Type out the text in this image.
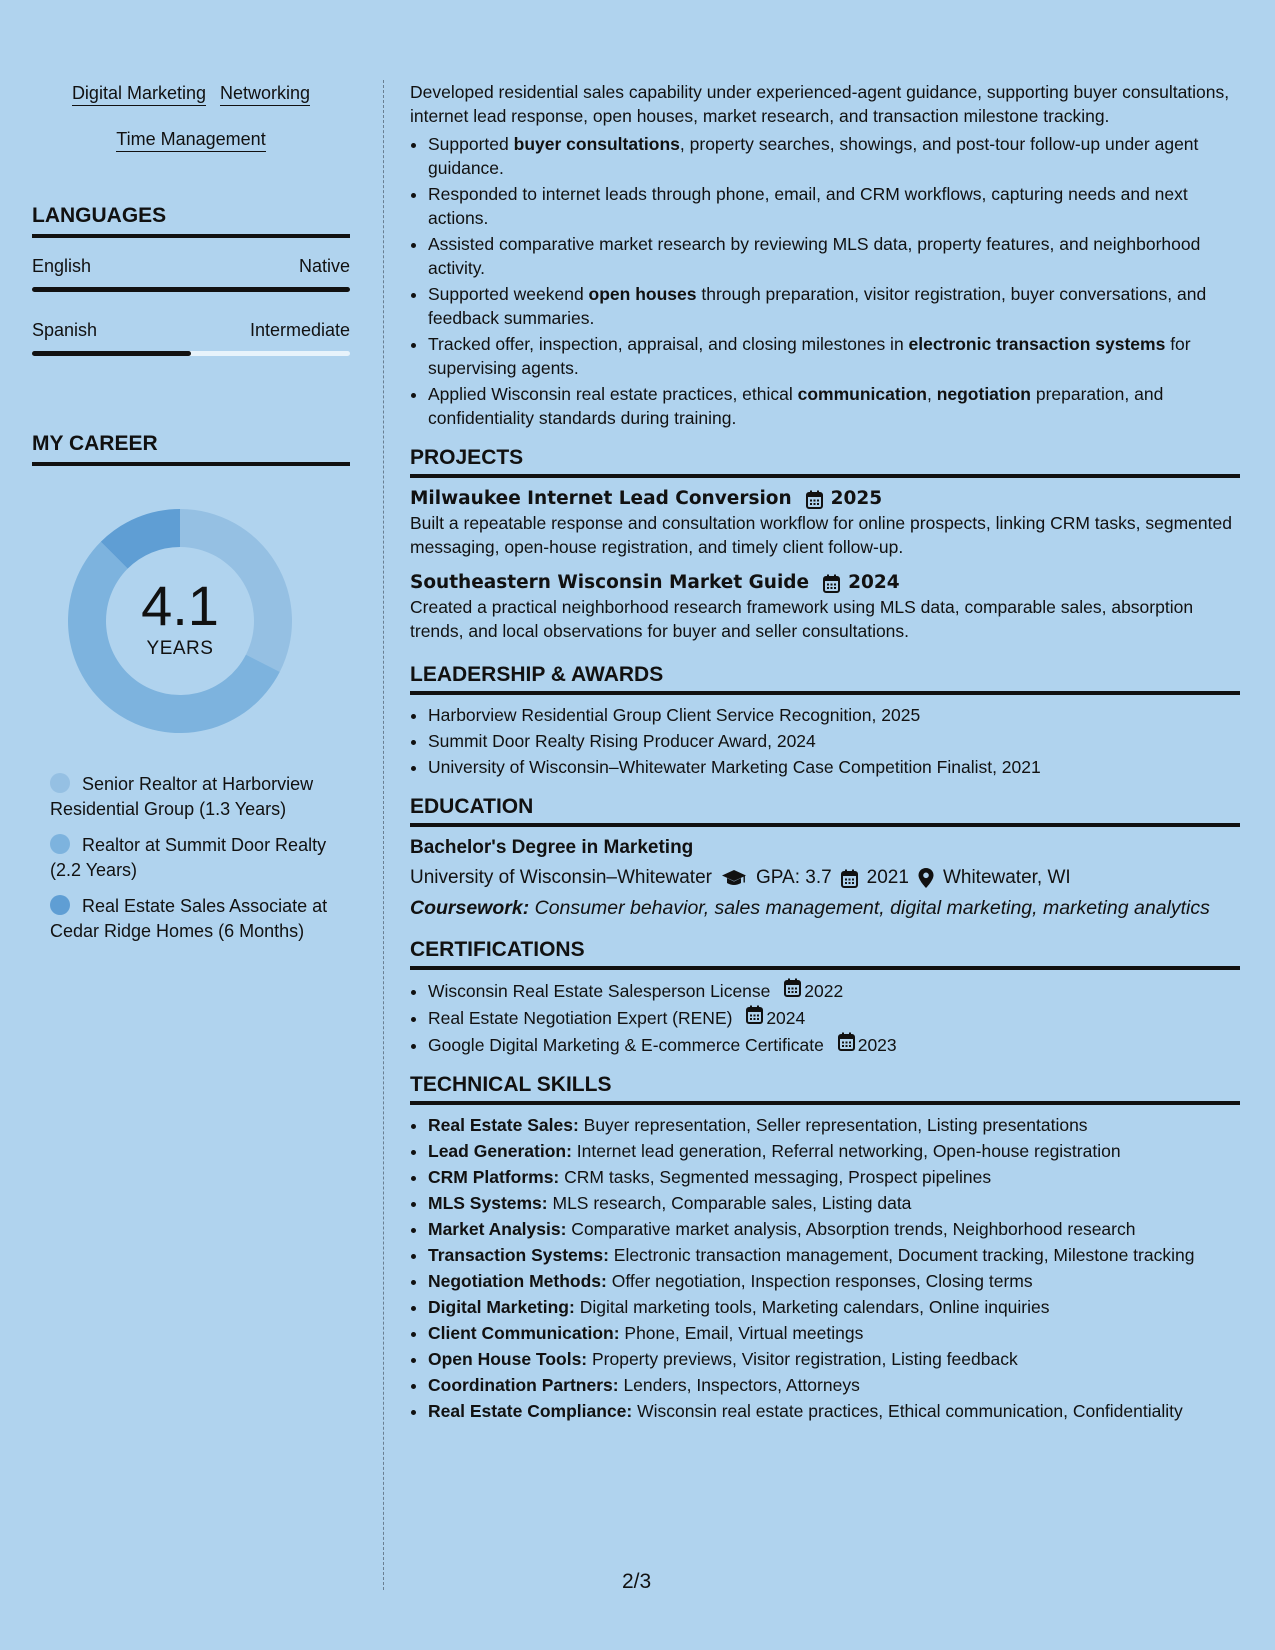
Digital Marketing Networking
Time Management
LANGUAGES
English	Native
Spanish	Intermediate
MY CAREER
4.1
YEARS
Senior Realtor at Harborview Residential Group (1.3 Years)
Realtor at Summit Door Realty (2.2 Years)
Real Estate Sales Associate at Cedar Ridge Homes (6 Months)

Developed residential sales capability under experienced-agent guidance, supporting buyer consultations, internet lead response, open houses, market research, and transaction milestone tracking.

• Supported buyer consultations, property searches, showings, and post-tour follow-up under agent guidance.
• Responded to internet leads through phone, email, and CRM workflows, capturing needs and next actions.
• Assisted comparative market research by reviewing MLS data, property features, and neighborhood activity.
• Supported weekend open houses through preparation, visitor registration, buyer conversations, and feedback summaries.
• Tracked offer, inspection, appraisal, and closing milestones in electronic transaction systems for supervising agents.
• Applied Wisconsin real estate practices, ethical communication, negotiation preparation, and confidentiality standards during training.
PROJECTS
Milwaukee Internet Lead Conversion 2025

Built a repeatable response and consultation workflow for online prospects, linking CRM tasks, segmented messaging, open-house registration, and timely client follow-up.

Southeastern Wisconsin Market Guide 2024

Created a practical neighborhood research framework using MLS data, comparable sales, absorption trends, and local observations for buyer and seller consultations.

LEADERSHIP & AWARDS
• Harborview Residential Group Client Service Recognition, 2025
• Summit Door Realty Rising Producer Award, 2024
• University of Wisconsin–Whitewater Marketing Case Competition Finalist, 2021
EDUCATION
Bachelor's Degree in Marketing
University of Wisconsin–Whitewater GPA: 3.7 2021 Whitewater, WI
Coursework: Consumer behavior, sales management, digital marketing, marketing analytics
CERTIFICATIONS
• Wisconsin Real Estate Salesperson License 2022
• Real Estate Negotiation Expert (RENE) 2024
• Google Digital Marketing & E-commerce Certificate 2023
TECHNICAL SKILLS
• Real Estate Sales: Buyer representation, Seller representation, Listing presentations
• Lead Generation: Internet lead generation, Referral networking, Open-house registration
• CRM Platforms: CRM tasks, Segmented messaging, Prospect pipelines
• MLS Systems: MLS research, Comparable sales, Listing data
• Market Analysis: Comparative market analysis, Absorption trends, Neighborhood research
• Transaction Systems: Electronic transaction management, Document tracking, Milestone tracking
• Negotiation Methods: Offer negotiation, Inspection responses, Closing terms
• Digital Marketing: Digital marketing tools, Marketing calendars, Online inquiries
• Client Communication: Phone, Email, Virtual meetings
• Open House Tools: Property previews, Visitor registration, Listing feedback
• Coordination Partners: Lenders, Inspectors, Attorneys
• Real Estate Compliance: Wisconsin real estate practices, Ethical communication, Confidentiality
2/3
